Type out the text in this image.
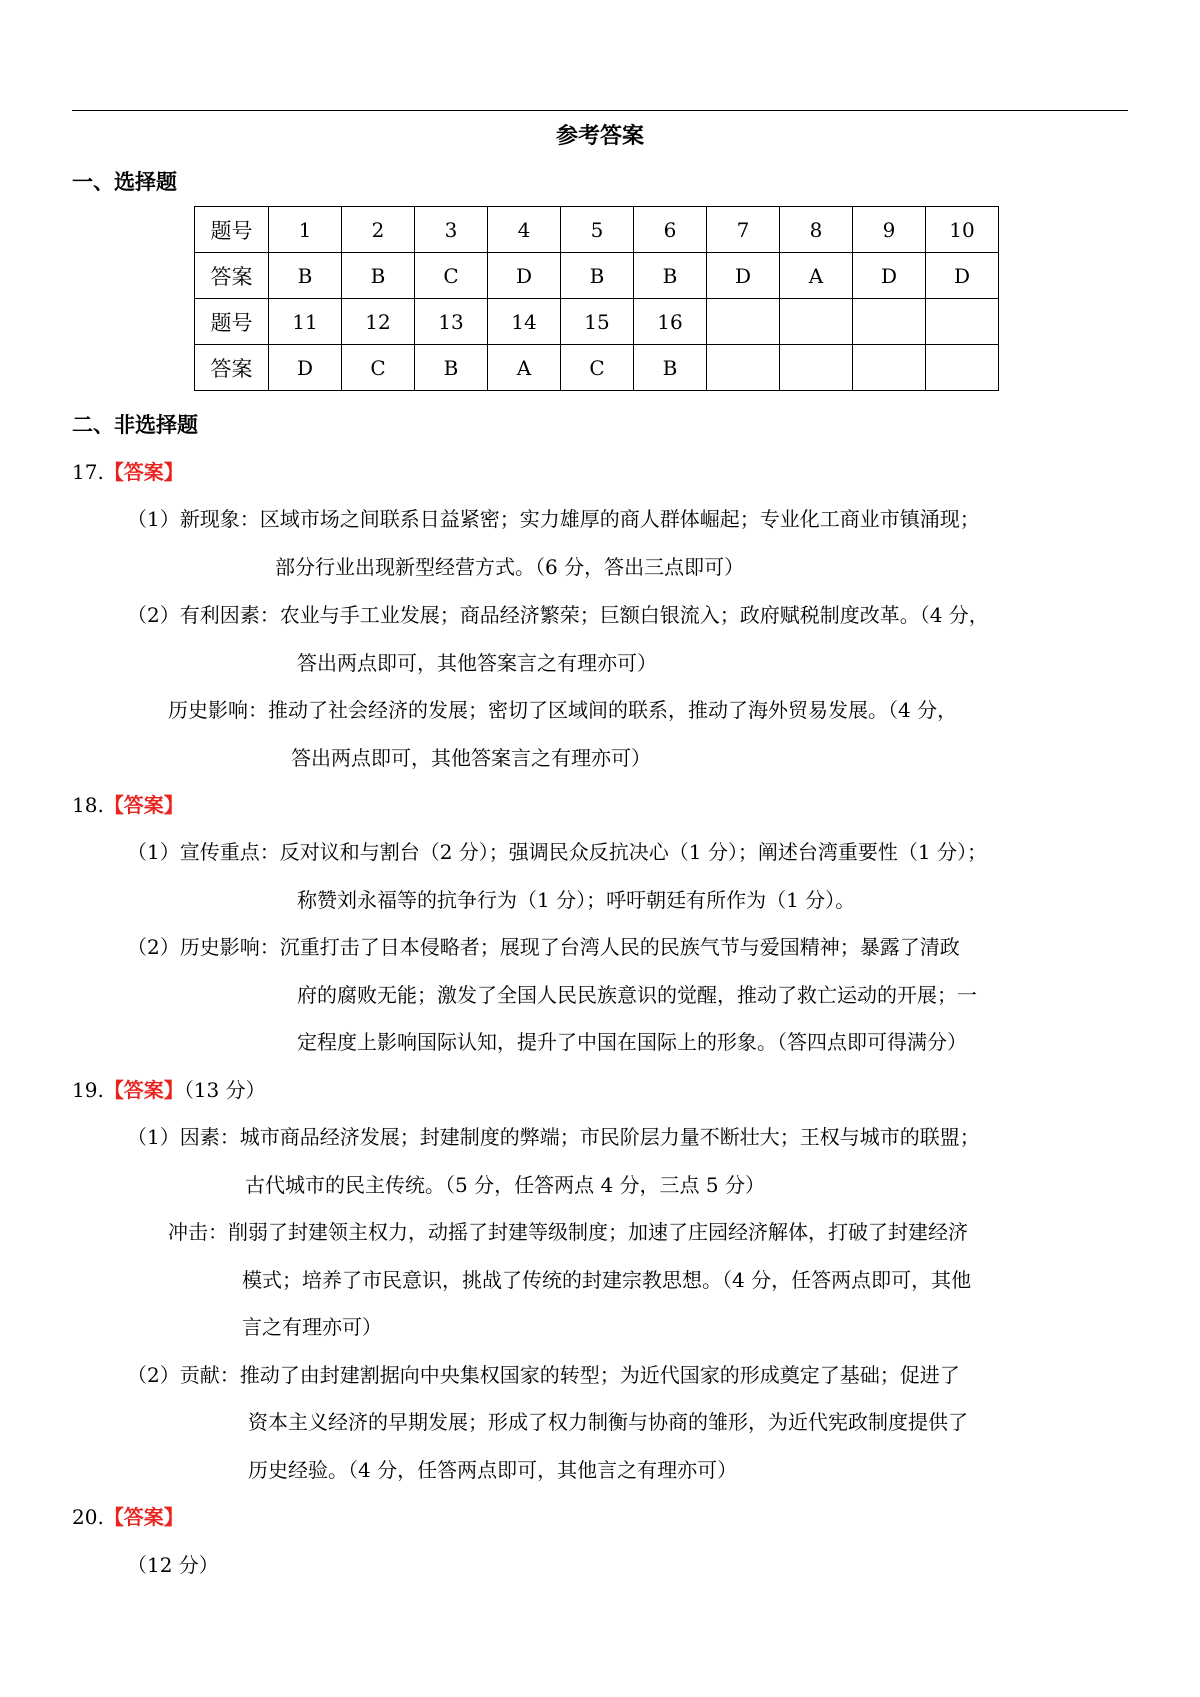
参考答案
一、选择题
题号	1	2	3	4	5	6	7	8	9	10
答案	B	B	C	D	B	B	D	A	D	D
题号	11	12	13	14	15	16				
答案	D	C	B	A	C	B				
二、非选择题
17.【答案】
（1）新现象：区域市场之间联系日益紧密；实力雄厚的商人群体崛起；专业化工商业市镇涌现；
部分行业出现新型经营方式。（6 分，答出三点即可）
（2）有利因素：农业与手工业发展；商品经济繁荣；巨额白银流入；政府赋税制度改革。（4 分，
答出两点即可，其他答案言之有理亦可）
历史影响：推动了社会经济的发展；密切了区域间的联系，推动了海外贸易发展。（4 分，
答出两点即可，其他答案言之有理亦可）
18.【答案】
（1）宣传重点：反对议和与割台（2 分）；强调民众反抗决心（1 分）；阐述台湾重要性（1 分）；
称赞刘永福等的抗争行为（1 分）；呼吁朝廷有所作为（1 分）。
（2）历史影响：沉重打击了日本侵略者；展现了台湾人民的民族气节与爱国精神；暴露了清政
府的腐败无能；激发了全国人民民族意识的觉醒，推动了救亡运动的开展；一
定程度上影响国际认知，提升了中国在国际上的形象。（答四点即可得满分）
19.【答案】（13 分）
（1）因素：城市商品经济发展；封建制度的弊端；市民阶层力量不断壮大；王权与城市的联盟；
古代城市的民主传统。（5 分，任答两点 4 分，三点 5 分）
冲击：削弱了封建领主权力，动摇了封建等级制度；加速了庄园经济解体，打破了封建经济
模式；培养了市民意识，挑战了传统的封建宗教思想。（4 分，任答两点即可，其他
言之有理亦可）
（2）贡献：推动了由封建割据向中央集权国家的转型；为近代国家的形成奠定了基础；促进了
资本主义经济的早期发展；形成了权力制衡与协商的雏形，为近代宪政制度提供了
历史经验。（4 分，任答两点即可，其他言之有理亦可）
20.【答案】
（12 分）
